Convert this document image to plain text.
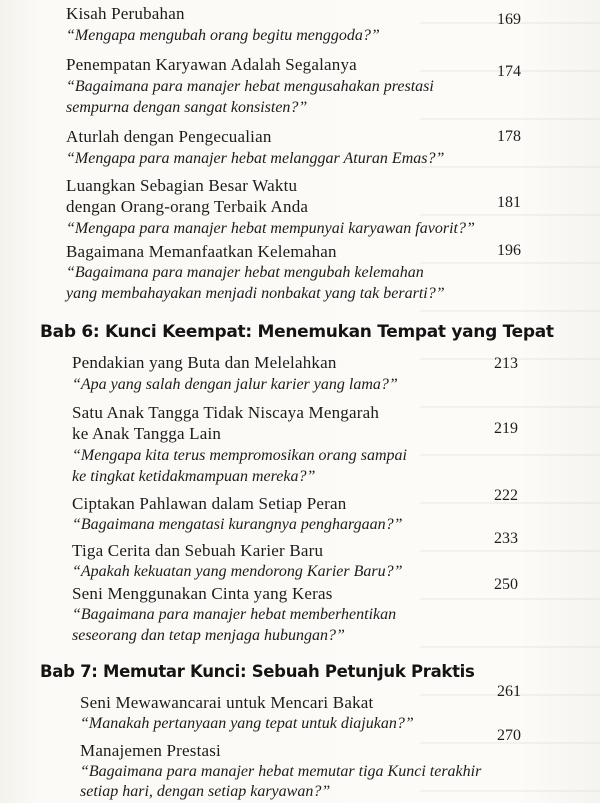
Kisah Perubahan
“Mengapa mengubah orang begitu menggoda?”
169
Penempatan Karyawan Adalah Segalanya
“Bagaimana para manajer hebat mengusahakan prestasi
sempurna dengan sangat konsisten?”
174
Aturlah dengan Pengecualian
“Mengapa para manajer hebat melanggar Aturan Emas?”
178
Luangkan Sebagian Besar Waktu
dengan Orang-orang Terbaik Anda
“Mengapa para manajer hebat mempunyai karyawan favorit?”
181
Bagaimana Memanfaatkan Kelemahan
“Bagaimana para manajer hebat mengubah kelemahan
yang membahayakan menjadi nonbakat yang tak berarti?”
196
Bab 6: Kunci Keempat: Menemukan Tempat yang Tepat
Pendakian yang Buta dan Melelahkan
“Apa yang salah dengan jalur karier yang lama?”
213
Satu Anak Tangga Tidak Niscaya Mengarah
ke Anak Tangga Lain
“Mengapa kita terus mempromosikan orang sampai
ke tingkat ketidakmampuan mereka?”
219
Ciptakan Pahlawan dalam Setiap Peran
“Bagaimana mengatasi kurangnya penghargaan?”
222
Tiga Cerita dan Sebuah Karier Baru
“Apakah kekuatan yang mendorong Karier Baru?”
233
Seni Menggunakan Cinta yang Keras
“Bagaimana para manajer hebat memberhentikan
seseorang dan tetap menjaga hubungan?”
250
Bab 7: Memutar Kunci: Sebuah Petunjuk Praktis
Seni Mewawancarai untuk Mencari Bakat
“Manakah pertanyaan yang tepat untuk diajukan?”
261
Manajemen Prestasi
“Bagaimana para manajer hebat memutar tiga Kunci terakhir
setiap hari, dengan setiap karyawan?”
270
